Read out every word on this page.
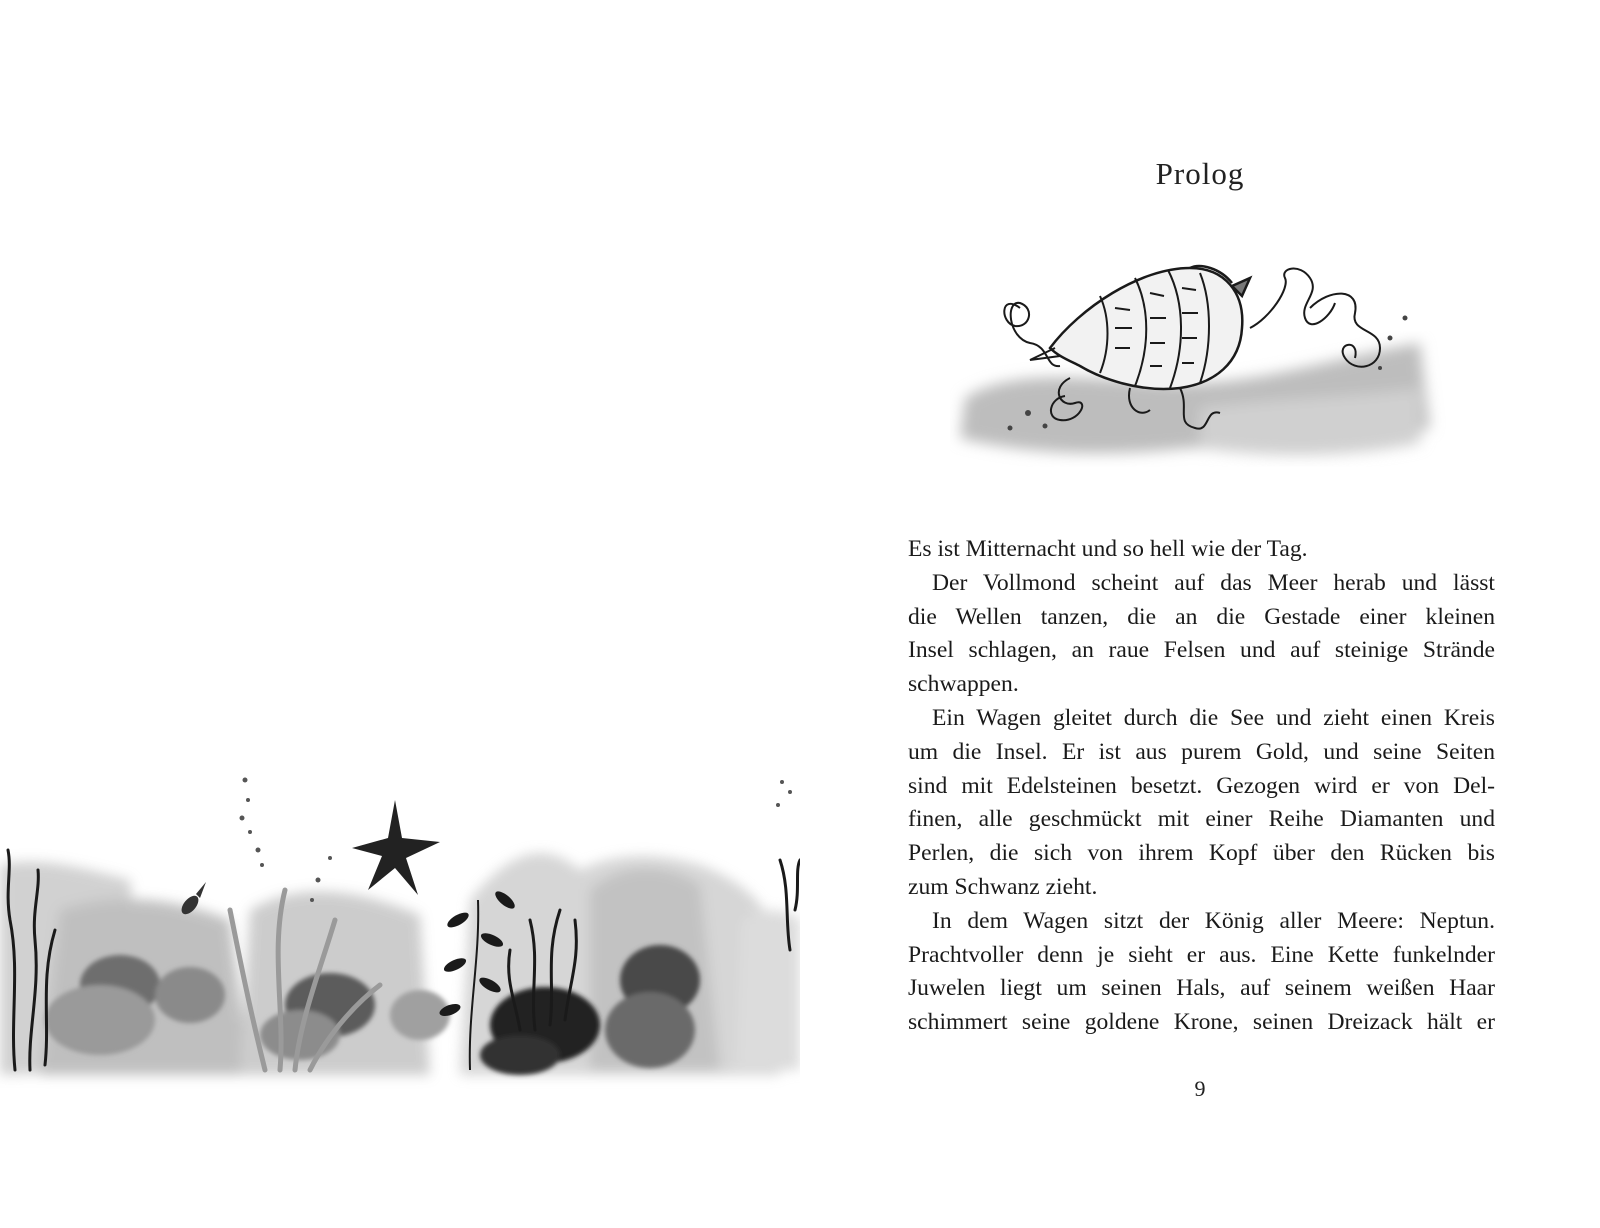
Prolog
Es ist Mitternacht und so hell wie der Tag.
Der Vollmond scheint auf das Meer herab und lässt
die Wellen tanzen, die an die Gestade einer kleinen
Insel schlagen, an raue Felsen und auf steinige Strände
schwappen.
Ein Wagen gleitet durch die See und zieht einen Kreis
um die Insel. Er ist aus purem Gold, und seine Seiten
sind mit Edelsteinen besetzt. Gezogen wird er von Del-
finen, alle geschmückt mit einer Reihe Diamanten und
Perlen, die sich von ihrem Kopf über den Rücken bis
zum Schwanz zieht.
In dem Wagen sitzt der König aller Meere: Neptun.
Prachtvoller denn je sieht er aus. Eine Kette funkelnder
Juwelen liegt um seinen Hals, auf seinem weißen Haar
schimmert seine goldene Krone, seinen Dreizack hält er
9
